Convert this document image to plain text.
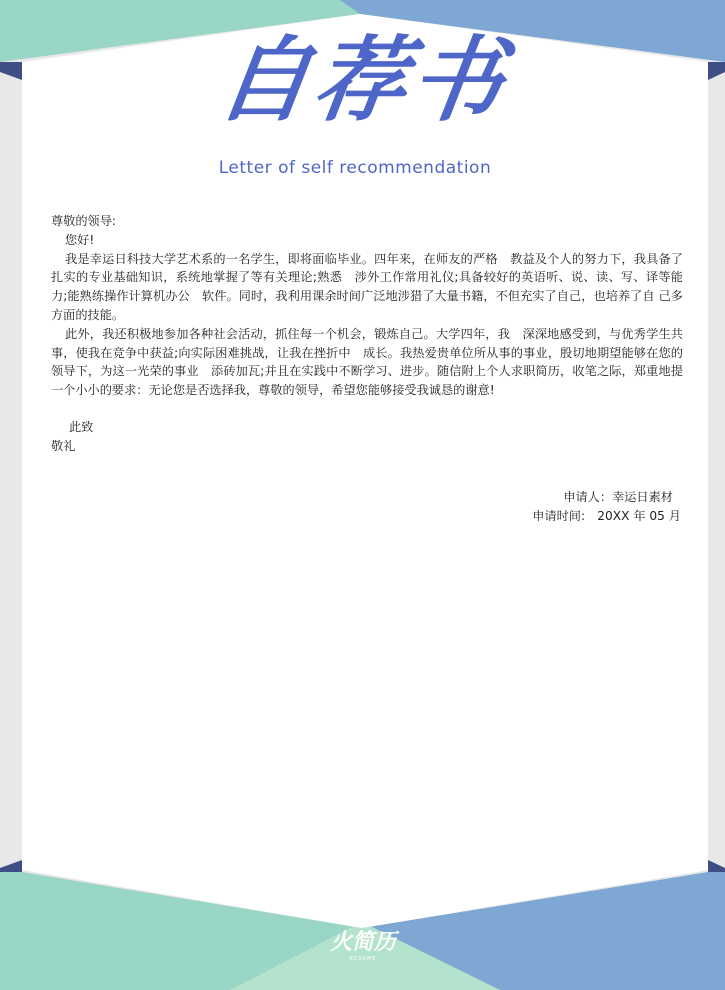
自荐书
Letter of self recommendation

尊敬的领导:

您好!

我是幸运日科技大学艺术系的一名学生，即将面临毕业。四年来，在师友的严格　教益及个人的努力下，我具备了扎实的专业基础知识，系统地掌握了等有关理论;熟悉　涉外工作常用礼仪;具备较好的英语听、说、读、写、译等能力;能熟练操作计算机办公　软件。同时，我利用课余时间广泛地涉猎了大量书籍，不但充实了自己，也培养了自 己多方面的技能。

此外，我还积极地参加各种社会活动，抓住每一个机会，锻炼自己。大学四年，我　深深地感受到，与优秀学生共事，使我在竞争中获益;向实际困难挑战，让我在挫折中　成长。我热爱贵单位所从事的事业，殷切地期望能够在您的领导下，为这一光荣的事业　添砖加瓦;并且在实践中不断学习、进步。随信附上个人求职简历，收笔之际，郑重地提 一个小小的要求：无论您是否选择我，尊敬的领导，希望您能够接受我诚恳的谢意!

此致

敬礼

申请人：幸运日素材
申请时间:　20XX 年 05 月
火简历
RESUME
